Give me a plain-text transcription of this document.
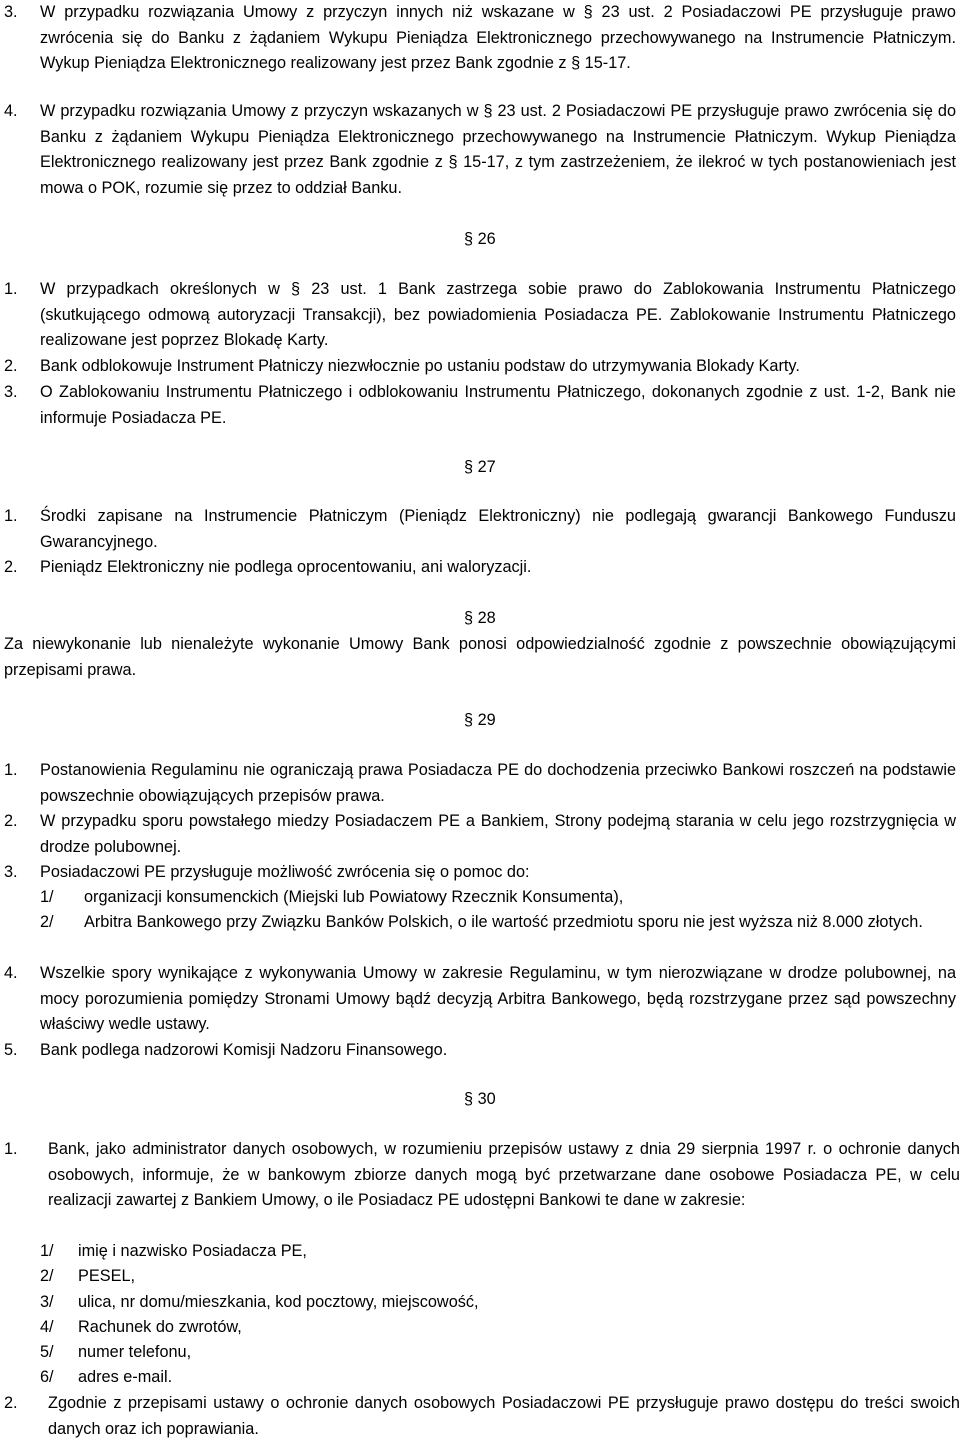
3. W przypadku rozwiązania Umowy z przyczyn innych niż wskazane w § 23 ust. 2 Posiadaczowi PE przysługuje prawo zwrócenia się do Banku z żądaniem Wykupu Pieniądza Elektronicznego przechowywanego na Instrumencie Płatniczym. Wykup Pieniądza Elektronicznego realizowany jest przez Bank zgodnie z § 15-17.
4. W przypadku rozwiązania Umowy z przyczyn wskazanych w § 23 ust. 2 Posiadaczowi PE przysługuje prawo zwrócenia się do Banku z żądaniem Wykupu Pieniądza Elektronicznego przechowywanego na Instrumencie Płatniczym. Wykup Pieniądza Elektronicznego realizowany jest przez Bank zgodnie z § 15-17, z tym zastrzeżeniem, że ilekroć w tych postanowieniach jest mowa o POK, rozumie się przez to oddział Banku.
§ 26
1. W przypadkach określonych w § 23 ust. 1 Bank zastrzega sobie prawo do Zablokowania Instrumentu Płatniczego (skutkującego odmową autoryzacji Transakcji), bez powiadomienia Posiadacza PE. Zablokowanie Instrumentu Płatniczego realizowane jest poprzez Blokadę Karty.
2. Bank odblokowuje Instrument Płatniczy niezwłocznie po ustaniu podstaw do utrzymywania Blokady Karty.
3. O Zablokowaniu Instrumentu Płatniczego i odblokowaniu Instrumentu Płatniczego, dokonanych zgodnie z ust. 1-2, Bank nie informuje Posiadacza PE.
§ 27
1. Środki zapisane na Instrumencie Płatniczym (Pieniądz Elektroniczny) nie podlegają gwarancji Bankowego Funduszu Gwarancyjnego.
2. Pieniądz Elektroniczny nie podlega oprocentowaniu, ani waloryzacji.
§ 28
Za niewykonanie lub nienależyte wykonanie Umowy Bank ponosi odpowiedzialność zgodnie z powszechnie obowiązującymi przepisami prawa.
§ 29
1. Postanowienia Regulaminu nie ograniczają prawa Posiadacza PE do dochodzenia przeciwko Bankowi roszczeń na podstawie powszechnie obowiązujących przepisów prawa.
2. W przypadku sporu powstałego miedzy Posiadaczem PE a Bankiem, Strony podejmą starania w celu jego rozstrzygnięcia w drodze polubownej.
3. Posiadaczowi PE przysługuje możliwość zwrócenia się o pomoc do:
1/ organizacji konsumenckich (Miejski lub Powiatowy Rzecznik Konsumenta),
2/ Arbitra Bankowego przy Związku Banków Polskich, o ile wartość przedmiotu sporu nie jest wyższa niż 8.000 złotych.
4. Wszelkie spory wynikające z wykonywania Umowy w zakresie Regulaminu, w tym nierozwiązane w drodze polubownej, na mocy porozumienia pomiędzy Stronami Umowy bądź decyzją Arbitra Bankowego, będą rozstrzygane przez sąd powszechny właściwy wedle ustawy.
5. Bank podlega nadzorowi Komisji Nadzoru Finansowego.
§ 30
1. Bank, jako administrator danych osobowych, w rozumieniu przepisów ustawy z dnia 29 sierpnia 1997 r. o ochronie danych osobowych, informuje, że w bankowym zbiorze danych mogą być przetwarzane dane osobowe Posiadacza PE, w celu realizacji zawartej z Bankiem Umowy, o ile Posiadacz PE udostępni Bankowi te dane w zakresie:
1/ imię i nazwisko Posiadacza PE,
2/ PESEL,
3/ ulica, nr domu/mieszkania, kod pocztowy, miejscowość,
4/ Rachunek do zwrotów,
5/ numer telefonu,
6/ adres e-mail.
2. Zgodnie z przepisami ustawy o ochronie danych osobowych Posiadaczowi PE przysługuje prawo dostępu do treści swoich danych oraz ich poprawiania.
